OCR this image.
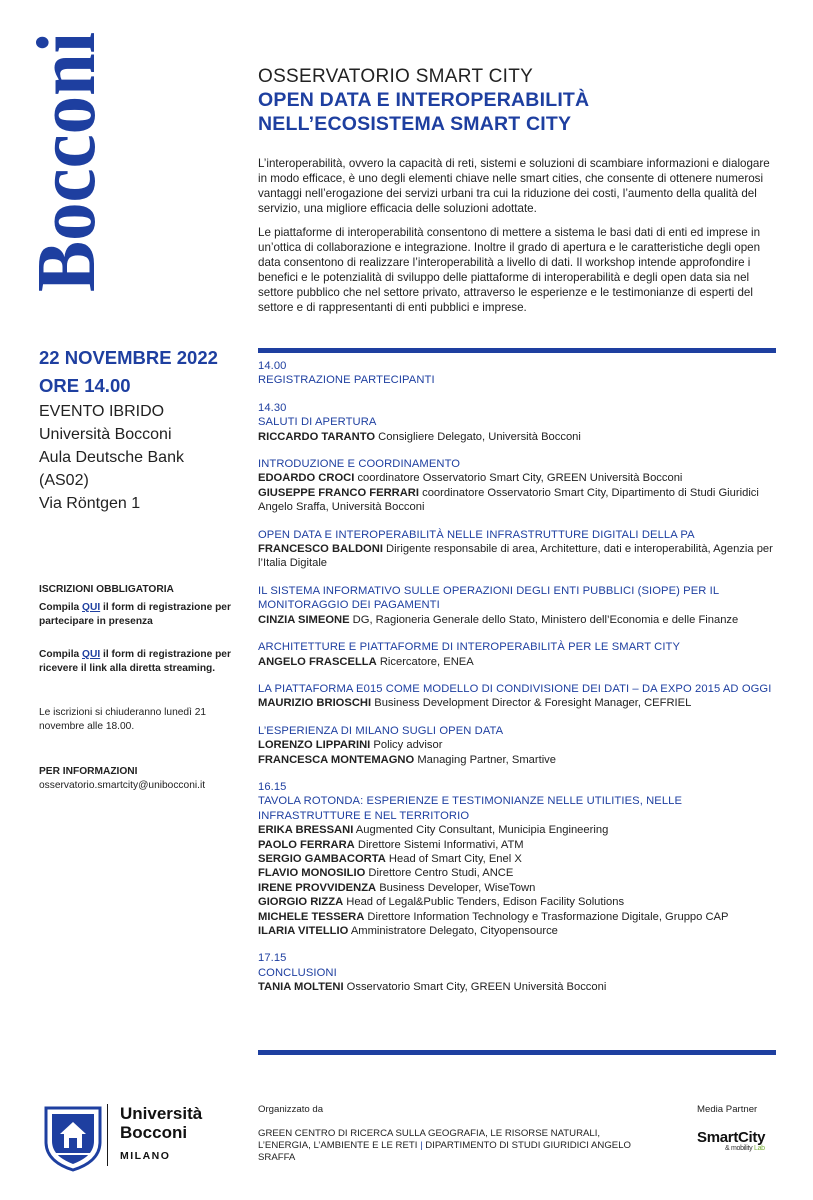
Bocconi	OSSERVATORIO SMART CITY
OPEN DATA E INTEROPERABILITÀ
NELL’ECOSISTEMA SMART CITY

L’interoperabilità, ovvero la capacità di reti, sistemi e soluzioni di scambiare informazioni e dialogare in modo efficace, è uno degli elementi chiave nelle smart cities, che consente di ottenere numerosi vantaggi nell’erogazione dei servizi urbani tra cui la riduzione dei costi, l’aumento della qualità del servizio, una migliore efficacia delle soluzioni adottate.

Le piattaforme di interoperabilità consentono di mettere a sistema le basi dati di enti ed imprese in un’ottica di collaborazione e integrazione. Inoltre il grado di apertura e le caratteristiche degli open data consentono di realizzare l’interoperabilità a livello di dati. Il workshop intende approfondire i benefici e le potenzialità di sviluppo delle piattaforme di interoperabilità e degli open data sia nel settore pubblico che nel settore privato, attraverso le esperienze e le testimonianze di esperti del settore e di rappresentanti di enti pubblici e imprese.

22 NOVEMBRE 2022
ORE 14.00
EVENTO IBRIDO
Università Bocconi
Aula Deutsche Bank
(AS02)
Via Röntgen 1
ISCRIZIONI OBBLIGATORIA
Compila QUI il form di registrazione per partecipare in presenza
Compila QUI il form di registrazione per ricevere il link alla diretta streaming.
Le iscrizioni si chiuderanno lunedì 21 novembre alle 18.00.
PER INFORMAZIONI
osservatorio.smartcity@unibocconi.it
14.00
REGISTRAZIONE PARTECIPANTI
14.30
SALUTI DI APERTURA
RICCARDO TARANTO Consigliere Delegato, Università Bocconi
INTRODUZIONE E COORDINAMENTO
EDOARDO CROCI coordinatore Osservatorio Smart City, GREEN Università Bocconi
GIUSEPPE FRANCO FERRARI coordinatore Osservatorio Smart City, Dipartimento di Studi Giuridici Angelo Sraffa, Università Bocconi
OPEN DATA E INTEROPERABILITÀ NELLE INFRASTRUTTURE DIGITALI DELLA PA
FRANCESCO BALDONI Dirigente responsabile di area, Architetture, dati e interoperabilità, Agenzia per l’Italia Digitale
IL SISTEMA INFORMATIVO SULLE OPERAZIONI DEGLI ENTI PUBBLICI (SIOPE) PER IL MONITORAGGIO DEI PAGAMENTI
CINZIA SIMEONE DG, Ragioneria Generale dello Stato, Ministero dell’Economia e delle Finanze
ARCHITETTURE E PIATTAFORME DI INTEROPERABILITÀ PER LE SMART CITY
ANGELO FRASCELLA Ricercatore, ENEA
LA PIATTAFORMA E015 COME MODELLO DI CONDIVISIONE DEI DATI – DA EXPO 2015 AD OGGI
MAURIZIO BRIOSCHI Business Development Director & Foresight Manager, CEFRIEL
L’ESPERIENZA DI MILANO SUGLI OPEN DATA
LORENZO LIPPARINI Policy advisor
FRANCESCA MONTEMAGNO Managing Partner, Smartive
16.15
TAVOLA ROTONDA: ESPERIENZE E TESTIMONIANZE NELLE UTILITIES, NELLE INFRASTRUTTURE E NEL TERRITORIO
ERIKA BRESSANI Augmented City Consultant, Municipia Engineering
PAOLO FERRARA Direttore Sistemi Informativi, ATM
SERGIO GAMBACORTA Head of Smart City, Enel X
FLAVIO MONOSILIO Direttore Centro Studi, ANCE
IRENE PROVVIDENZA Business Developer, WiseTown
GIORGIO RIZZA Head of Legal&Public Tenders, Edison Facility Solutions
MICHELE TESSERA Direttore Information Technology e Trasformazione Digitale, Gruppo CAP
ILARIA VITELLIO Amministratore Delegato, Cityopensource
17.15
CONCLUSIONI
TANIA MOLTENI Osservatorio Smart City, GREEN Università Bocconi
Università
Bocconi
MILANO
Organizzato da
GREEN CENTRO DI RICERCA SULLA GEOGRAFIA, LE RISORSE NATURALI, L’ENERGIA, L’AMBIENTE E LE RETI | DIPARTIMENTO DI STUDI GIURIDICI ANGELO SRAFFA
Media Partner
SmartCity
& mobility Lab
